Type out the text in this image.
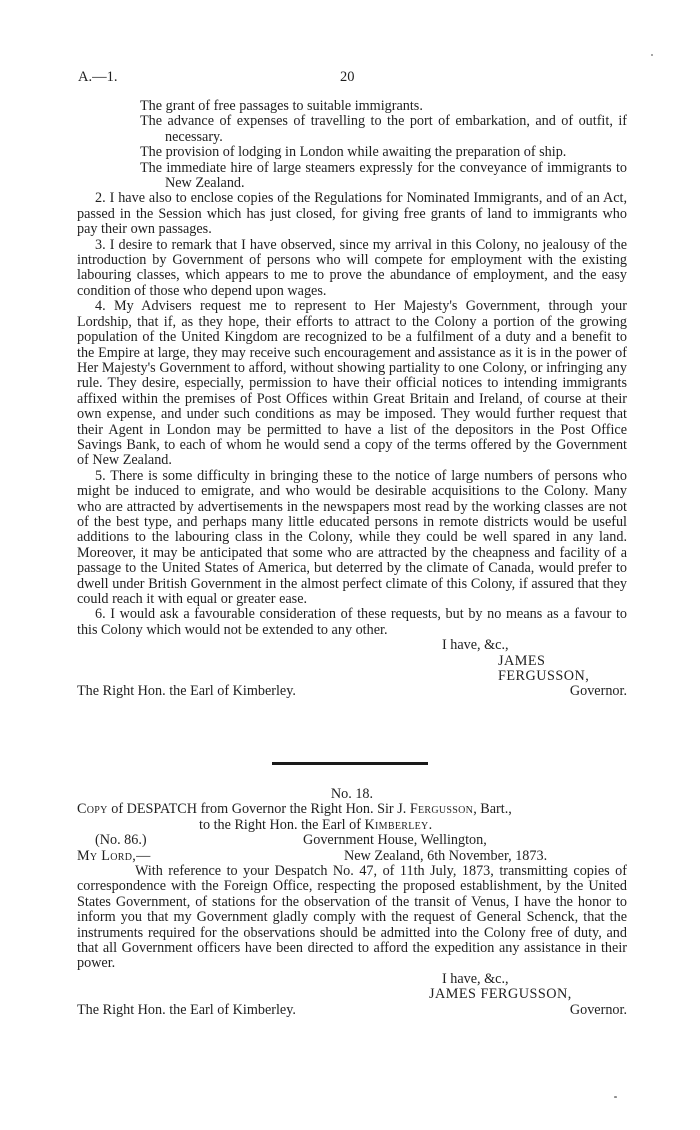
A.—1.	20

The grant of free passages to suitable immigrants.

The advance of expenses of travelling to the port of embarkation, and of outfit, if necessary.

The provision of lodging in London while awaiting the preparation of ship.

The immediate hire of large steamers expressly for the conveyance of immigrants to New Zealand.

2. I have also to enclose copies of the Regulations for Nominated Immigrants, and of an Act, passed in the Session which has just closed, for giving free grants of land to immigrants who pay their own passages.

3. I desire to remark that I have observed, since my arrival in this Colony, no jealousy of the introduction by Government of persons who will compete for employment with the existing labouring classes, which appears to me to prove the abundance of employment, and the easy condition of those who depend upon wages.

4. My Advisers request me to represent to Her Majesty's Government, through your Lordship, that if, as they hope, their efforts to attract to the Colony a portion of the growing population of the United Kingdom are recognized to be a fulfilment of a duty and a benefit to the Empire at large, they may receive such encouragement and assistance as it is in the power of Her Majesty's Government to afford, without showing partiality to one Colony, or infringing any rule. They desire, especially, permission to have their official notices to intending immigrants affixed within the premises of Post Offices within Great Britain and Ireland, of course at their own expense, and under such conditions as may be imposed. They would further request that their Agent in London may be permitted to have a list of the depositors in the Post Office Savings Bank, to each of whom he would send a copy of the terms offered by the Government of New Zealand.

5. There is some difficulty in bringing these to the notice of large numbers of persons who might be induced to emigrate, and who would be desirable acquisitions to the Colony. Many who are attracted by advertisements in the newspapers most read by the working classes are not of the best type, and perhaps many little educated persons in remote districts would be useful additions to the labouring class in the Colony, while they could be well spared in any land. Moreover, it may be anticipated that some who are attracted by the cheapness and facility of a passage to the United States of America, but deterred by the climate of Canada, would prefer to dwell under British Government in the almost perfect climate of this Colony, if assured that they could reach it with equal or greater ease.

6. I would ask a favourable consideration of these requests, but by no means as a favour to this Colony which would not be extended to any other.

I have, &c.,

JAMES FERGUSSON,

The Right Hon. the Earl of Kimberley.	Governor.

No. 18.

Copy of DESPATCH from Governor the Right Hon. Sir J. Fergusson, Bart.,

to the Right Hon. the Earl of Kimberley.

(No. 86.)	Government House, Wellington,

My Lord,—	New Zealand, 6th November, 1873.

With reference to your Despatch No. 47, of 11th July, 1873, transmitting copies of correspondence with the Foreign Office, respecting the proposed establishment, by the United States Government, of stations for the observation of the transit of Venus, I have the honor to inform you that my Government gladly comply with the request of General Schenck, that the instruments required for the observations should be admitted into the Colony free of duty, and that all Government officers have been directed to afford the expedition any assistance in their power.

I have, &c.,

JAMES FERGUSSON,

The Right Hon. the Earl of Kimberley.	Governor.
